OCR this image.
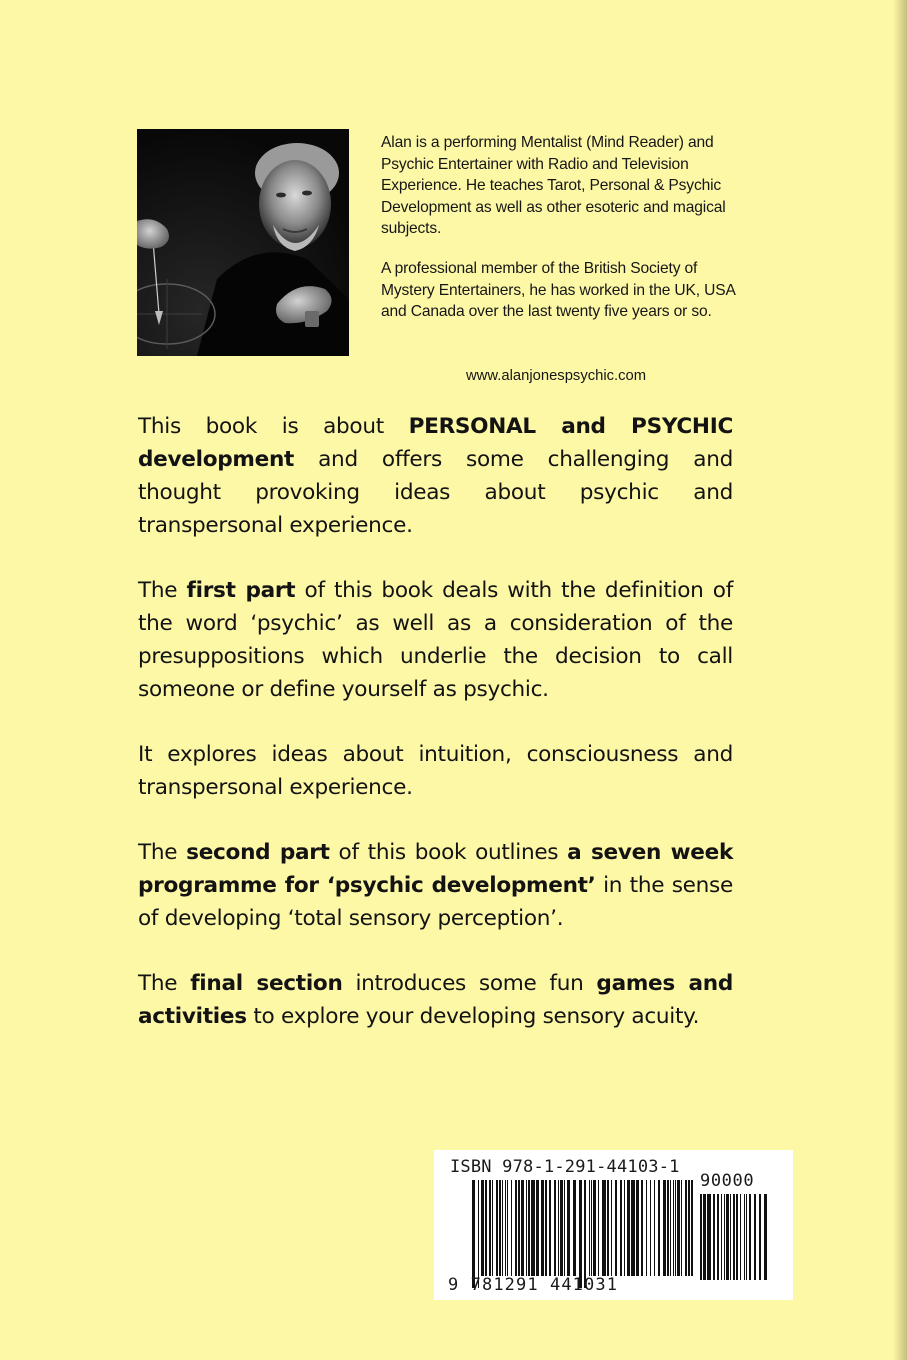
Alan is a performing Mentalist (Mind Reader) and Psychic Entertainer with Radio and Television Experience. He teaches Tarot, Personal & Psychic Development as well as other esoteric and magical subjects.

A professional member of the British Society of Mystery Entertainers, he has worked in the UK, USA and Canada over the last twenty five years or so.

www.alanjonespsychic.com

This book is about PERSONAL and PSYCHIC development and offers some challenging and thought provoking ideas about psychic and transpersonal experience.

The first part of this book deals with the definition of the word ‘psychic’ as well as a consideration of the presuppositions which underlie the decision to call someone or define yourself as psychic.

It explores ideas about intuition, consciousness and transpersonal experience.

The second part of this book outlines a seven week programme for ‘psychic development’ in the sense of developing ‘total sensory perception’.

The final section introduces some fun games and activities to explore your developing sensory acuity.

ISBN 978-1-291-44103-1
90000
9 781291 441031
